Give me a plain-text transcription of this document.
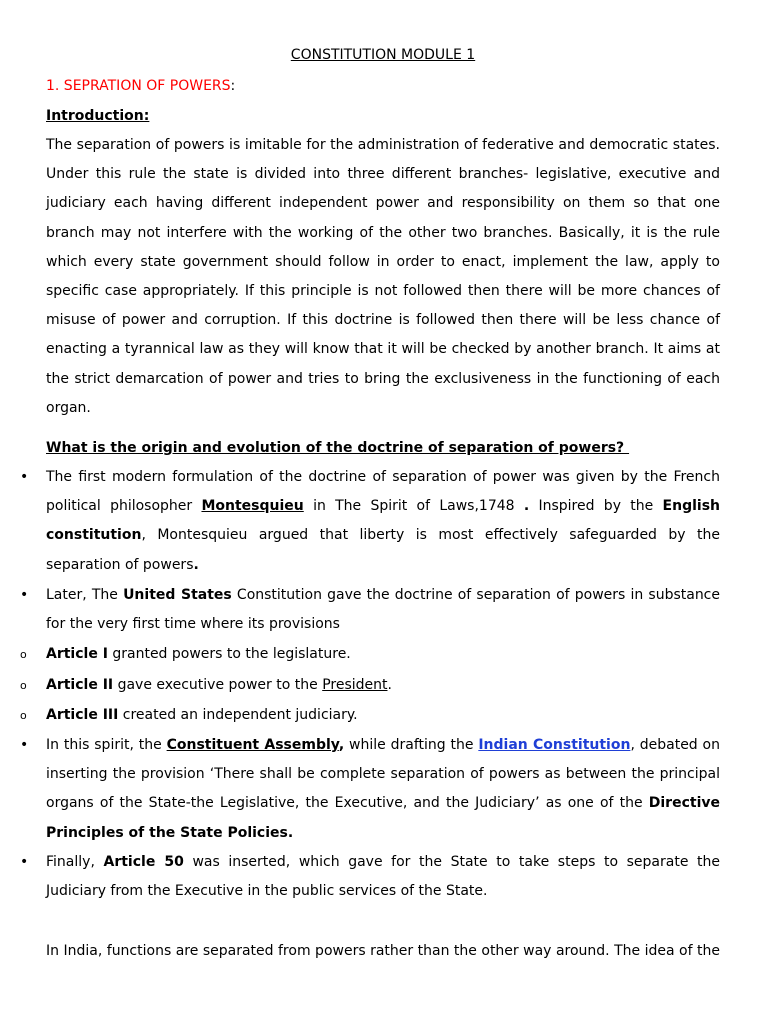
CONSTITUTION MODULE 1
1. SEPRATION OF POWERS:
Introduction:

The separation of powers is imitable for the administration of federative and democratic states. Under this rule the state is divided into three different branches- legislative, executive and judiciary each having different independent power and responsibility on them so that one branch may not interfere with the working of the other two branches. Basically, it is the rule which every state government should follow in order to enact, implement the law, apply to specific case appropriately. If this principle is not followed then there will be more chances of misuse of power and corruption. If this doctrine is followed then there will be less chance of enacting a tyrannical law as they will know that it will be checked by another branch. It aims at the strict demarcation of power and tries to bring the exclusiveness in the functioning of each organ.

What is the origin and evolution of the doctrine of separation of powers?

• The first modern formulation of the doctrine of separation of power was given by the French political philosopher Montesquieu in The Spirit of Laws,1748 . Inspired by the English constitution, Montesquieu argued that liberty is most effectively safeguarded by the separation of powers.

• Later, The United States Constitution gave the doctrine of separation of powers in substance for the very first time where its provisions

o	Article I granted powers to the legislature.

o	Article II gave executive power to the President.

o	Article III created an independent judiciary.

• In this spirit, the Constituent Assembly, while drafting the Indian Constitution, debated on inserting the provision ‘There shall be complete separation of powers as between the principal organs of the State-the Legislative, the Executive, and the Judiciary’ as one of the Directive Principles of the State Policies.

• Finally, Article 50 was inserted, which gave for the State to take steps to separate the Judiciary from the Executive in the public services of the State.

In India, functions are separated from powers rather than the other way around. The idea of the
